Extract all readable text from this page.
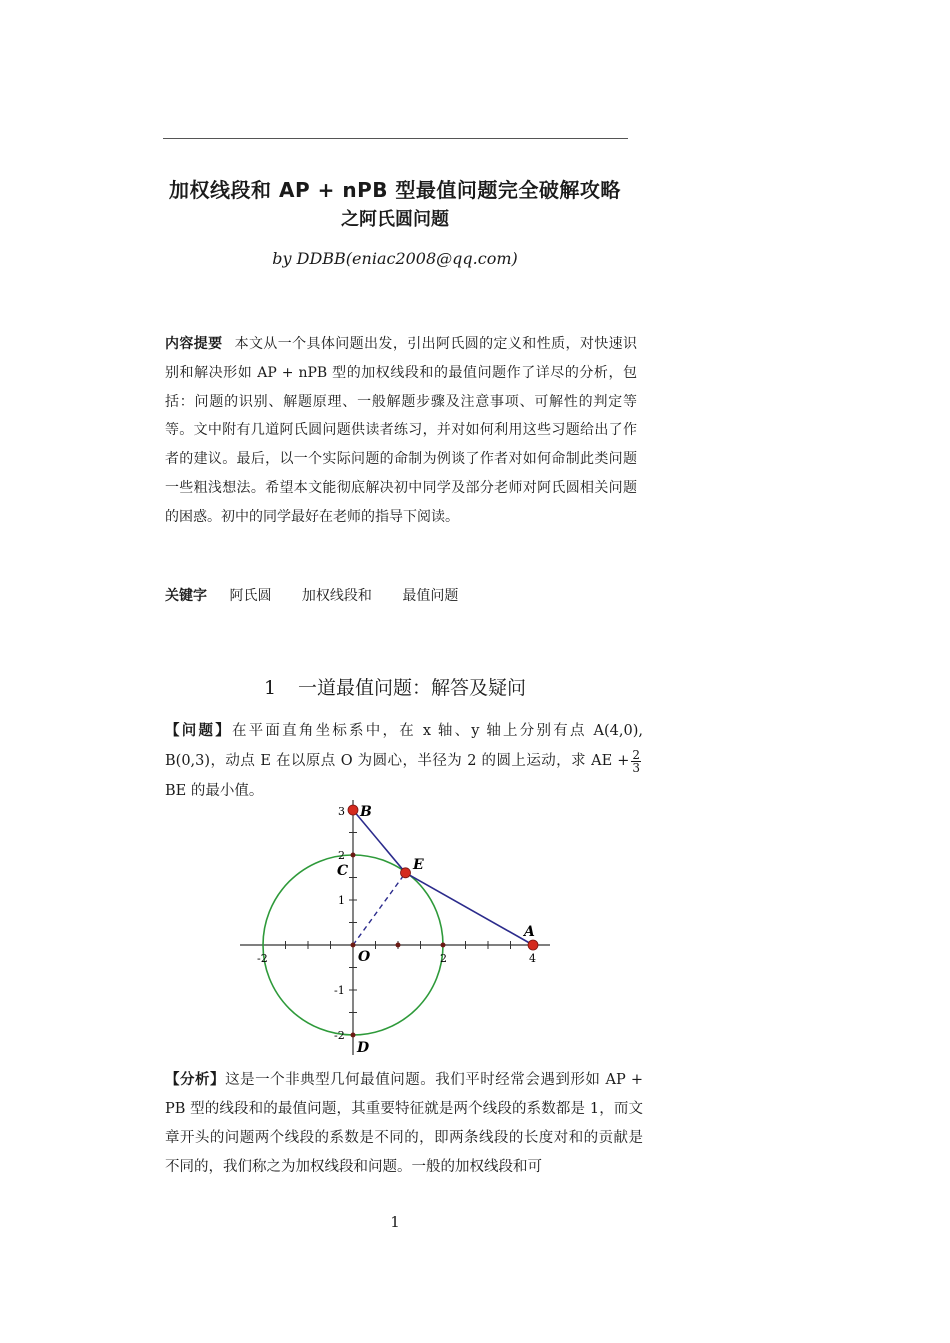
加权线段和 AP + nPB 型最值问题完全破解攻略
之阿氏圆问题
by DDBB(eniac2008@qq.com)
内容提要 本文从一个具体问题出发，引出阿氏圆的定义和性质，对快速识别和解决形如 AP + nPB 型的加权线段和的最值问题作了详尽的分析，包括：问题的识别、解题原理、一般解题步骤及注意事项、可解性的判定等等。文中附有几道阿氏圆问题供读者练习，并对如何利用这些习题给出了作者的建议。最后，以一个实际问题的命制为例谈了作者对如何命制此类问题一些粗浅想法。希望本文能彻底解决初中同学及部分老师对阿氏圆相关问题的困惑。初中的同学最好在老师的指导下阅读。
关键字 阿氏圆 加权线段和 最值问题
1 一道最值问题：解答及疑问
【问题】在平面直角坐标系中，在 x 轴、y 轴上分别有点 A(4,0), B(0,3)，动点 E 在以原点 O 为圆心，半径为 2 的圆上运动，求 AE + $\frac{2}{3}$
BE 的最小值。
-2	2	4
3
2
1
-1
-2
B
C	E
A
O
D
【分析】这是一个非典型几何最值问题。我们平时经常会遇到形如 AP + PB 型的线段和的最值问题，其重要特征就是两个线段的系数都是 1，而文章开头的问题两个线段的系数是不同的，即两条线段的长度对和的贡献是不同的，我们称之为加权线段和问题。一般的加权线段和可
1
